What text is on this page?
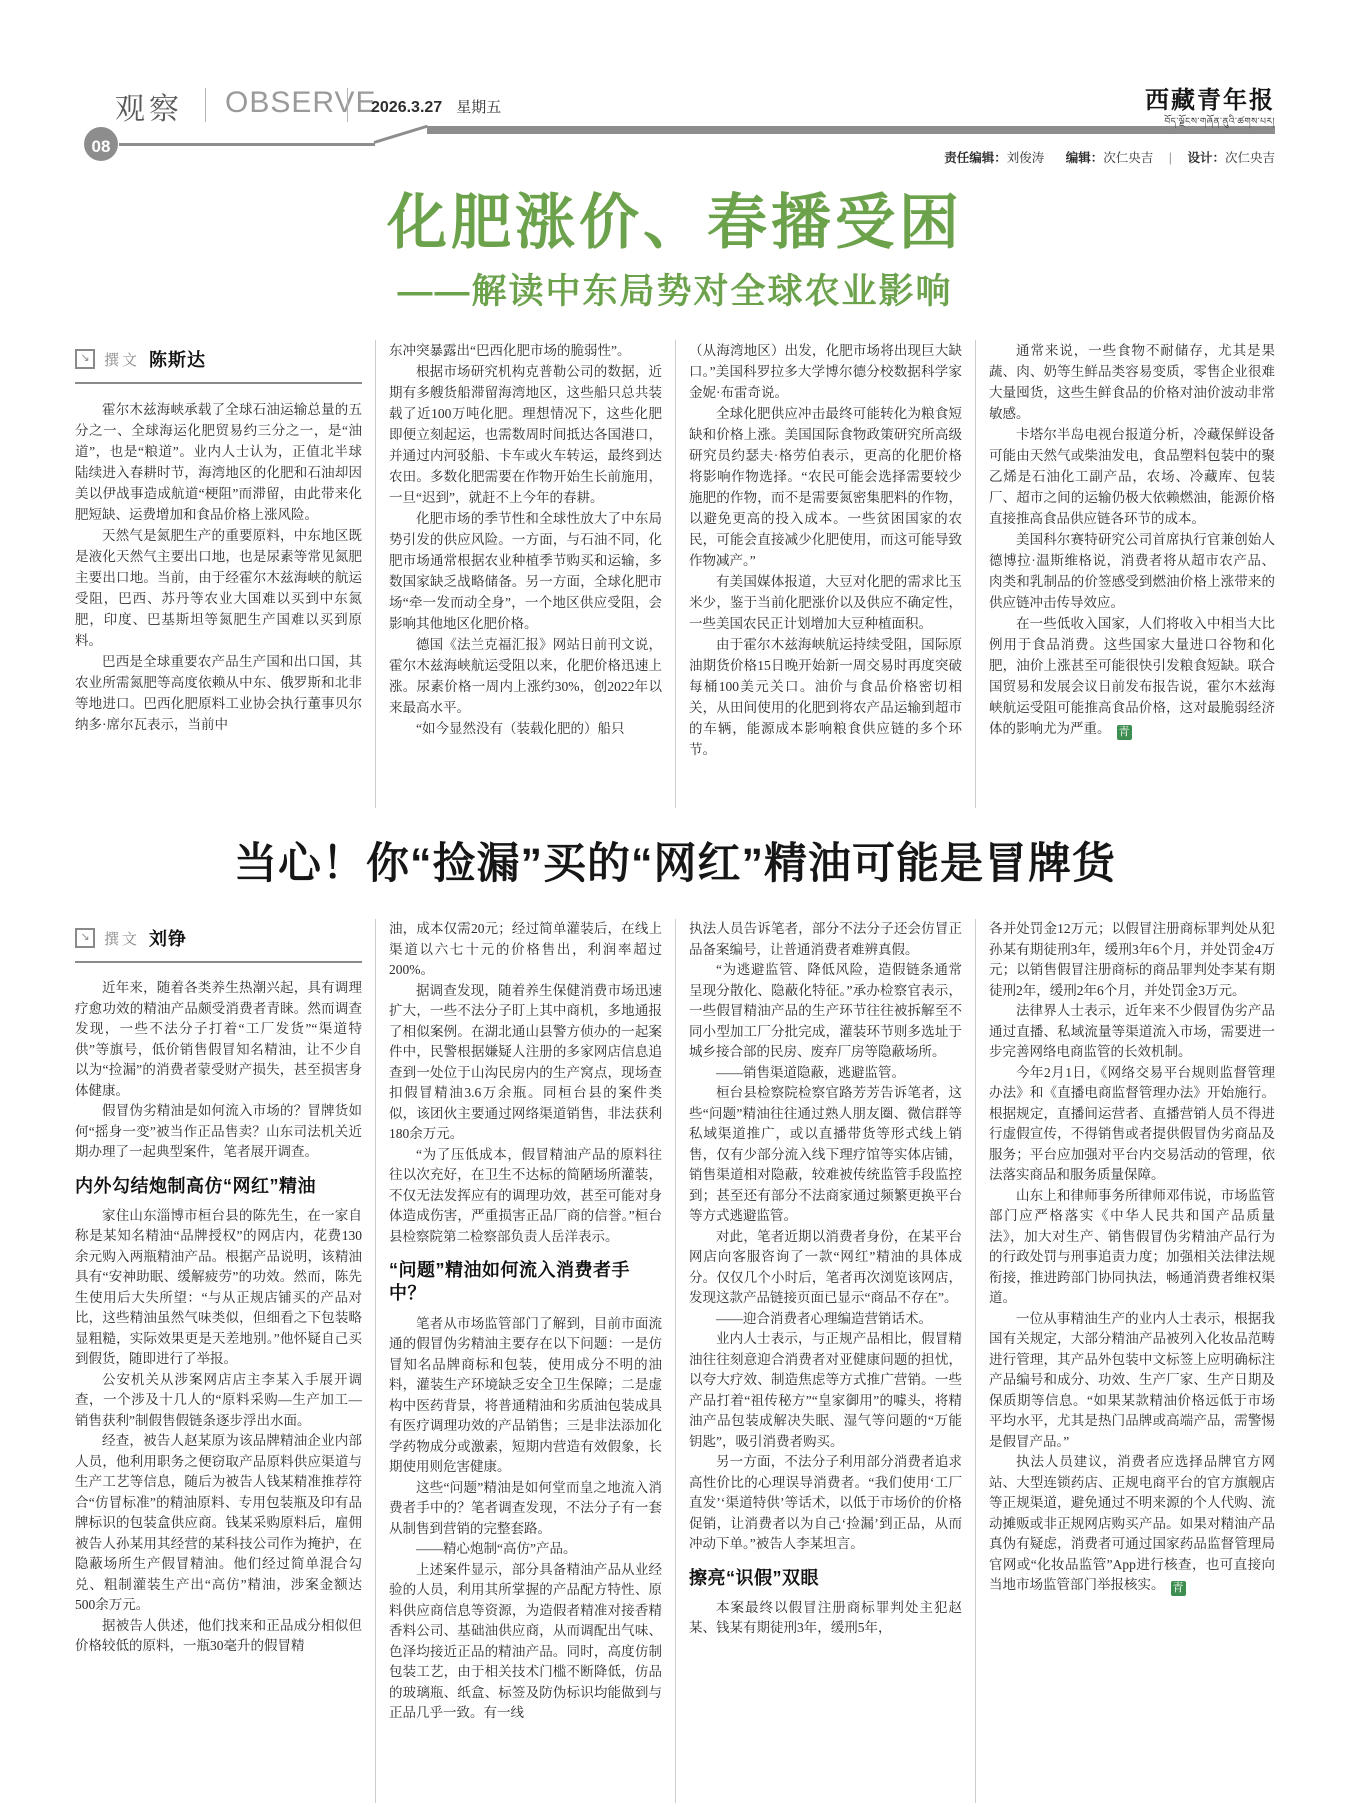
观察 OBSERVE
2026.3.27 星期五
08
西藏青年报
བོད་ལྗོངས་གཞོན་ནུའི་ཚགས་པར།
责任编辑：刘俊涛 编辑：次仁央吉 | 设计：次仁央吉
化肥涨价、春播受困
——解读中东局势对全球农业影响
↘ 撰文 陈斯达

霍尔木兹海峡承载了全球石油运输总量的五分之一、全球海运化肥贸易约三分之一，是“油道”，也是“粮道”。业内人士认为，正值北半球陆续进入春耕时节，海湾地区的化肥和石油却因美以伊战事造成航道“梗阻”而滞留，由此带来化肥短缺、运费增加和食品价格上涨风险。

天然气是氮肥生产的重要原料，中东地区既是液化天然气主要出口地，也是尿素等常见氮肥主要出口地。当前，由于经霍尔木兹海峡的航运受阻，巴西、苏丹等农业大国难以买到中东氮肥，印度、巴基斯坦等氮肥生产国难以买到原料。

巴西是全球重要农产品生产国和出口国，其农业所需氮肥等高度依赖从中东、俄罗斯和北非等地进口。巴西化肥原料工业协会执行董事贝尔纳多·席尔瓦表示，当前中

东冲突暴露出“巴西化肥市场的脆弱性”。

根据市场研究机构克普勒公司的数据，近期有多艘货船滞留海湾地区，这些船只总共装载了近100万吨化肥。理想情况下，这些化肥即便立刻起运，也需数周时间抵达各国港口，并通过内河驳船、卡车或火车转运，最终到达农田。多数化肥需要在作物开始生长前施用，一旦“迟到”，就赶不上今年的春耕。

化肥市场的季节性和全球性放大了中东局势引发的供应风险。一方面，与石油不同，化肥市场通常根据农业种植季节购买和运输，多数国家缺乏战略储备。另一方面，全球化肥市场“牵一发而动全身”，一个地区供应受阻，会影响其他地区化肥价格。

德国《法兰克福汇报》网站日前刊文说，霍尔木兹海峡航运受阻以来，化肥价格迅速上涨。尿素价格一周内上涨约30%，创2022年以来最高水平。

“如今显然没有（装载化肥的）船只

（从海湾地区）出发，化肥市场将出现巨大缺口。”美国科罗拉多大学博尔德分校数据科学家金妮·布雷奇说。

全球化肥供应冲击最终可能转化为粮食短缺和价格上涨。美国国际食物政策研究所高级研究员约瑟夫·格劳伯表示，更高的化肥价格将影响作物选择。“农民可能会选择需要较少施肥的作物，而不是需要氮密集肥料的作物，以避免更高的投入成本。一些贫困国家的农民，可能会直接减少化肥使用，而这可能导致作物减产。”

有美国媒体报道，大豆对化肥的需求比玉米少，鉴于当前化肥涨价以及供应不确定性，一些美国农民正计划增加大豆种植面积。

由于霍尔木兹海峡航运持续受阻，国际原油期货价格15日晚开始新一周交易时再度突破每桶100美元关口。油价与食品价格密切相关，从田间使用的化肥到将农产品运输到超市的车辆，能源成本影响粮食供应链的多个环节。

通常来说，一些食物不耐储存，尤其是果蔬、肉、奶等生鲜品类容易变质，零售企业很难大量囤货，这些生鲜食品的价格对油价波动非常敏感。

卡塔尔半岛电视台报道分析，冷藏保鲜设备可能由天然气或柴油发电，食品塑料包装中的聚乙烯是石油化工副产品，农场、冷藏库、包装厂、超市之间的运输仍极大依赖燃油，能源价格直接推高食品供应链各环节的成本。

美国科尔赛特研究公司首席执行官兼创始人德博拉·温斯维格说，消费者将从超市农产品、肉类和乳制品的价签感受到燃油价格上涨带来的供应链冲击传导效应。

在一些低收入国家，人们将收入中相当大比例用于食品消费。这些国家大量进口谷物和化肥，油价上涨甚至可能很快引发粮食短缺。联合国贸易和发展会议日前发布报告说，霍尔木兹海峡航运受阻可能推高食品价格，这对最脆弱经济体的影响尤为严重。 青

当心！你“捡漏”买的“网红”精油可能是冒牌货
↘ 撰文 刘铮

近年来，随着各类养生热潮兴起，具有调理疗愈功效的精油产品颇受消费者青睐。然而调查发现，一些不法分子打着“工厂发货”“渠道特供”等旗号，低价销售假冒知名精油，让不少自以为“捡漏”的消费者蒙受财产损失，甚至损害身体健康。

假冒伪劣精油是如何流入市场的？冒牌货如何“摇身一变”被当作正品售卖？山东司法机关近期办理了一起典型案件，笔者展开调查。

内外勾结炮制高仿“网红”精油

家住山东淄博市桓台县的陈先生，在一家自称是某知名精油“品牌授权”的网店内，花费130余元购入两瓶精油产品。根据产品说明，该精油具有“安神助眠、缓解疲劳”的功效。然而，陈先生使用后大失所望：“与从正规店铺买的产品对比，这些精油虽然气味类似，但细看之下包装略显粗糙，实际效果更是天差地别。”他怀疑自己买到假货，随即进行了举报。

公安机关从涉案网店店主李某入手展开调查，一个涉及十几人的“原料采购—生产加工—销售获利”制假售假链条逐步浮出水面。

经查，被告人赵某原为该品牌精油企业内部人员，他利用职务之便窃取产品原料供应渠道与生产工艺等信息，随后为被告人钱某精准推荐符合“仿冒标准”的精油原料、专用包装瓶及印有品牌标识的包装盒供应商。钱某采购原料后，雇佣被告人孙某用其经营的某科技公司作为掩护，在隐蔽场所生产假冒精油。他们经过简单混合勾兑、粗制灌装生产出“高仿”精油，涉案金额达500余万元。

据被告人供述，他们找来和正品成分相似但价格较低的原料，一瓶30毫升的假冒精

油，成本仅需20元；经过简单灌装后，在线上渠道以六七十元的价格售出，利润率超过200%。

据调查发现，随着养生保健消费市场迅速扩大，一些不法分子盯上其中商机，多地通报了相似案例。在湖北通山县警方侦办的一起案件中，民警根据嫌疑人注册的多家网店信息追查到一处位于山沟民房内的生产窝点，现场查扣假冒精油3.6万余瓶。同桓台县的案件类似，该团伙主要通过网络渠道销售，非法获利180余万元。

“为了压低成本，假冒精油产品的原料往往以次充好，在卫生不达标的简陋场所灌装，不仅无法发挥应有的调理功效，甚至可能对身体造成伤害，严重损害正品厂商的信誉。”桓台县检察院第二检察部负责人岳洋表示。

“问题”精油如何流入消费者手中？

笔者从市场监管部门了解到，目前市面流通的假冒伪劣精油主要存在以下问题：一是仿冒知名品牌商标和包装，使用成分不明的油料，灌装生产环境缺乏安全卫生保障；二是虚构中医药背景，将普通精油和劣质油包装成具有医疗调理功效的产品销售；三是非法添加化学药物成分或激素，短期内营造有效假象，长期使用则危害健康。

这些“问题”精油是如何堂而皇之地流入消费者手中的？笔者调查发现，不法分子有一套从制售到营销的完整套路。

——精心炮制“高仿”产品。

上述案件显示，部分具备精油产品从业经验的人员，利用其所掌握的产品配方特性、原料供应商信息等资源，为造假者精准对接香精香料公司、基础油供应商，从而调配出气味、色泽均接近正品的精油产品。同时，高度仿制包装工艺，由于相关技术门槛不断降低，仿品的玻璃瓶、纸盒、标签及防伪标识均能做到与正品几乎一致。有一线

执法人员告诉笔者，部分不法分子还会仿冒正品备案编号，让普通消费者难辨真假。

“为逃避监管、降低风险，造假链条通常呈现分散化、隐蔽化特征。”承办检察官表示，一些假冒精油产品的生产环节往往被拆解至不同小型加工厂分批完成，灌装环节则多选址于城乡接合部的民房、废弃厂房等隐蔽场所。

——销售渠道隐蔽，逃避监管。

桓台县检察院检察官路芳芳告诉笔者，这些“问题”精油往往通过熟人朋友圈、微信群等私域渠道推广，或以直播带货等形式线上销售，仅有少部分流入线下理疗馆等实体店铺，销售渠道相对隐蔽，较难被传统监管手段监控到；甚至还有部分不法商家通过频繁更换平台等方式逃避监管。

对此，笔者近期以消费者身份，在某平台网店向客服咨询了一款“网红”精油的具体成分。仅仅几个小时后，笔者再次浏览该网店，发现这款产品链接页面已显示“商品不存在”。

——迎合消费者心理编造营销话术。

业内人士表示，与正规产品相比，假冒精油往往刻意迎合消费者对亚健康问题的担忧，以夸大疗效、制造焦虑等方式推广营销。一些产品打着“祖传秘方”“皇家御用”的噱头，将精油产品包装成解决失眠、湿气等问题的“万能钥匙”，吸引消费者购买。

另一方面，不法分子利用部分消费者追求高性价比的心理误导消费者。“我们使用‘工厂直发’‘渠道特供’等话术，以低于市场价的价格促销，让消费者以为自己‘捡漏’到正品，从而冲动下单。”被告人李某坦言。

擦亮“识假”双眼

本案最终以假冒注册商标罪判处主犯赵某、钱某有期徒刑3年，缓刑5年，

各并处罚金12万元；以假冒注册商标罪判处从犯孙某有期徒刑3年，缓刑3年6个月，并处罚金4万元；以销售假冒注册商标的商品罪判处李某有期徒刑2年，缓刑2年6个月，并处罚金3万元。

法律界人士表示，近年来不少假冒伪劣产品通过直播、私域流量等渠道流入市场，需要进一步完善网络电商监管的长效机制。

今年2月1日，《网络交易平台规则监督管理办法》和《直播电商监督管理办法》开始施行。根据规定，直播间运营者、直播营销人员不得进行虚假宣传，不得销售或者提供假冒伪劣商品及服务；平台应加强对平台内交易活动的管理，依法落实商品和服务质量保障。

山东上和律师事务所律师邓伟说，市场监管部门应严格落实《中华人民共和国产品质量法》，加大对生产、销售假冒伪劣精油产品行为的行政处罚与刑事追责力度；加强相关法律法规衔接，推进跨部门协同执法，畅通消费者维权渠道。

一位从事精油生产的业内人士表示，根据我国有关规定，大部分精油产品被列入化妆品范畴进行管理，其产品外包装中文标签上应明确标注产品编号和成分、功效、生产厂家、生产日期及保质期等信息。“如果某款精油价格远低于市场平均水平，尤其是热门品牌或高端产品，需警惕是假冒产品。”

执法人员建议，消费者应选择品牌官方网站、大型连锁药店、正规电商平台的官方旗舰店等正规渠道，避免通过不明来源的个人代购、流动摊贩或非正规网店购买产品。如果对精油产品真伪有疑虑，消费者可通过国家药品监督管理局官网或“化妆品监管”App进行核查，也可直接向当地市场监管部门举报核实。 青
